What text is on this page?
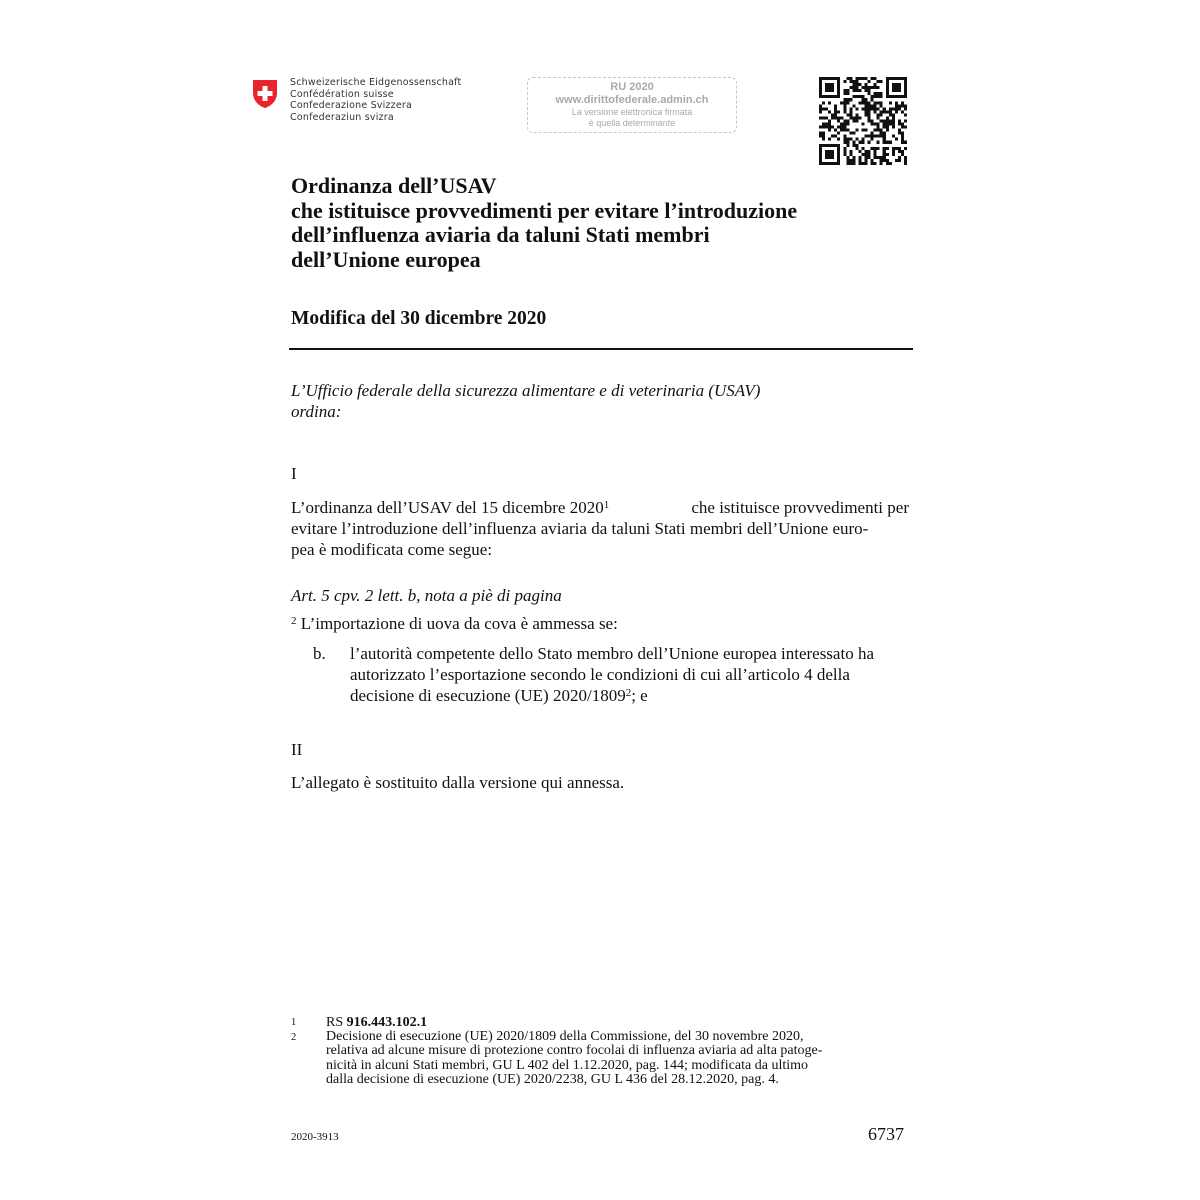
Schweizerische Eidgenossenschaft
Confédération suisse
Confederazione Svizzera
Confederaziun svizra
RU 2020
www.dirittofederale.admin.ch
La versione elettronica firmata
è quella determinante
Ordinanza dell’USAV
che istituisce provvedimenti per evitare l’introduzione
dell’influenza aviaria da taluni Stati membri
dell’Unione europea
Modifica del 30 dicembre 2020
L’Ufficio federale della sicurezza alimentare e di veterinaria (USAV)
ordina:
I
L’ordinanza dell’USAV del 15 dicembre 2020$^1$	che istituisce provvedimenti per
evitare l’introduzione dell’influenza aviaria da taluni Stati membri dell’Unione euro-
pea è modificata come segue:
Art. 5 cpv. 2 lett. b, nota a piè di pagina
$^2$ L’importazione di uova da cova è ammessa se:
b. l’autorità competente dello Stato membro dell’Unione europea interessato ha
autorizzato l’esportazione secondo le condizioni di cui all’articolo 4 della
decisione di esecuzione (UE) 2020/1809$^2$; e
II
L’allegato è sostituito dalla versione qui annessa.
1	RS 916.443.102.1
2	Decisione di esecuzione (UE) 2020/1809 della Commissione, del 30 novembre 2020,
relativa ad alcune misure di protezione contro focolai di influenza aviaria ad alta patoge-
nicità in alcuni Stati membri, GU L 402 del 1.12.2020, pag. 144; modificata da ultimo
dalla decisione di esecuzione (UE) 2020/2238, GU L 436 del 28.12.2020, pag. 4.
2020-3913	6737
